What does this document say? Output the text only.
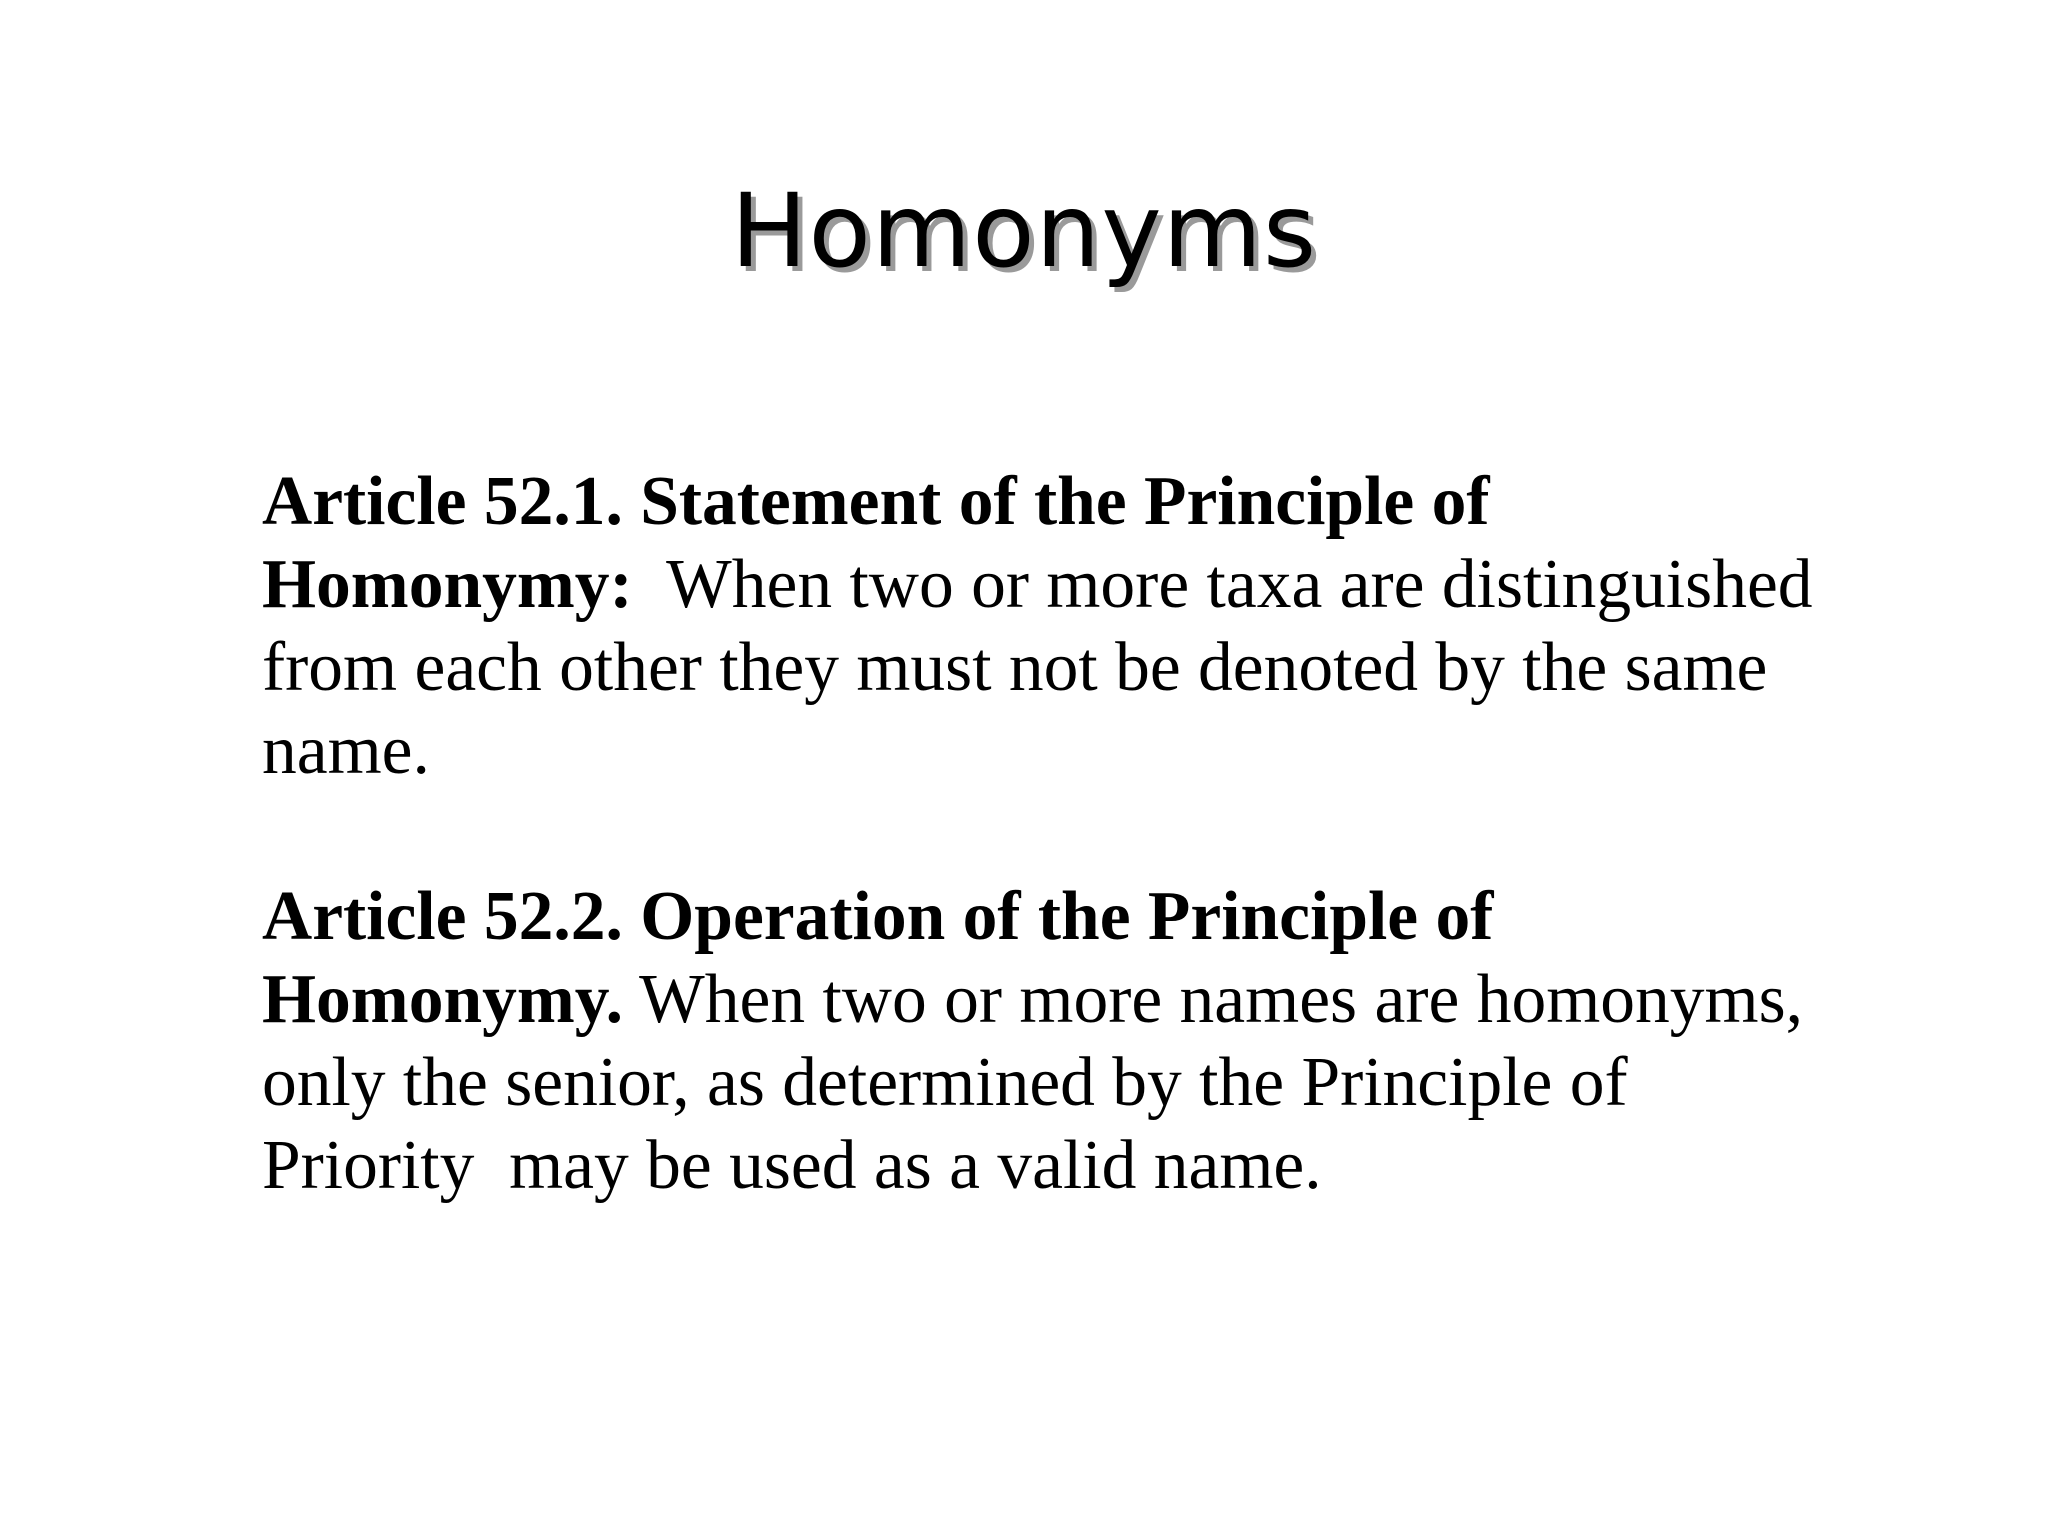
Homonyms

Article 52.1. Statement of the Principle of
Homonymy:  When two or more taxa are distinguished
from each other they must not be denoted by the same
name.

Article 52.2. Operation of the Principle of
Homonymy. When two or more names are homonyms,
only the senior, as determined by the Principle of
Priority  may be used as a valid name.
